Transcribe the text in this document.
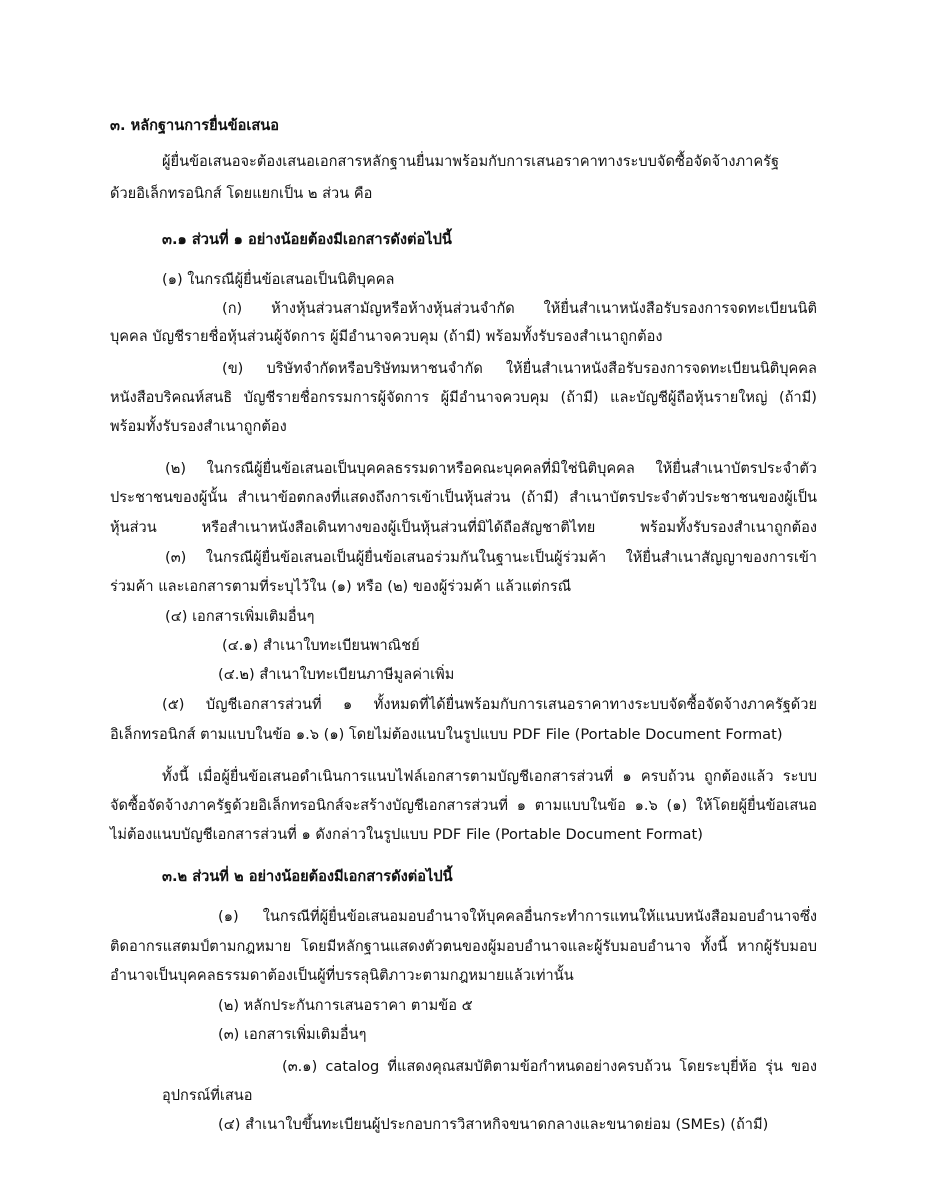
๓. หลักฐานการยื่นข้อเสนอ
ผู้ยื่นข้อเสนอจะต้องเสนอเอกสารหลักฐานยื่นมาพร้อมกับการเสนอราคาทางระบบจัดซื้อจัดจ้างภาครัฐ
ด้วยอิเล็กทรอนิกส์ โดยแยกเป็น ๒ ส่วน คือ
๓.๑ ส่วนที่ ๑ อย่างน้อยต้องมีเอกสารดังต่อไปนี้
(๑) ในกรณีผู้ยื่นข้อเสนอเป็นนิติบุคคล
(ก) ห้างหุ้นส่วนสามัญหรือห้างหุ้นส่วนจำกัด ให้ยื่นสำเนาหนังสือรับรองการจดทะเบียนนิติ
บุคคล บัญชีรายชื่อหุ้นส่วนผู้จัดการ ผู้มีอำนาจควบคุม (ถ้ามี) พร้อมทั้งรับรองสำเนาถูกต้อง
(ข) บริษัทจำกัดหรือบริษัทมหาชนจำกัด ให้ยื่นสำเนาหนังสือรับรองการจดทะเบียนนิติบุคคล
หนังสือบริคณห์สนธิ บัญชีรายชื่อกรรมการผู้จัดการ ผู้มีอำนาจควบคุม (ถ้ามี) และบัญชีผู้ถือหุ้นรายใหญ่ (ถ้ามี)
พร้อมทั้งรับรองสำเนาถูกต้อง
(๒) ในกรณีผู้ยื่นข้อเสนอเป็นบุคคลธรรมดาหรือคณะบุคคลที่มิใช่นิติบุคคล ให้ยื่นสำเนาบัตรประจำตัว
ประชาชนของผู้นั้น สำเนาข้อตกลงที่แสดงถึงการเข้าเป็นหุ้นส่วน (ถ้ามี) สำเนาบัตรประจำตัวประชาชนของผู้เป็น
หุ้นส่วน หรือสำเนาหนังสือเดินทางของผู้เป็นหุ้นส่วนที่มิได้ถือสัญชาติไทย พร้อมทั้งรับรองสำเนาถูกต้อง
(๓) ในกรณีผู้ยื่นข้อเสนอเป็นผู้ยื่นข้อเสนอร่วมกันในฐานะเป็นผู้ร่วมค้า ให้ยื่นสำเนาสัญญาของการเข้า
ร่วมค้า และเอกสารตามที่ระบุไว้ใน (๑) หรือ (๒) ของผู้ร่วมค้า แล้วแต่กรณี
(๔) เอกสารเพิ่มเติมอื่นๆ
(๔.๑) สำเนาใบทะเบียนพาณิชย์
(๔.๒) สำเนาใบทะเบียนภาษีมูลค่าเพิ่ม
(๕) บัญชีเอกสารส่วนที่ ๑ ทั้งหมดที่ได้ยื่นพร้อมกับการเสนอราคาทางระบบจัดซื้อจัดจ้างภาครัฐด้วย
อิเล็กทรอนิกส์ ตามแบบในข้อ ๑.๖ (๑) โดยไม่ต้องแนบในรูปแบบ PDF File (Portable Document Format)
ทั้งนี้ เมื่อผู้ยื่นข้อเสนอดำเนินการแนบไฟล์เอกสารตามบัญชีเอกสารส่วนที่ ๑ ครบถ้วน ถูกต้องแล้ว ระบบ
จัดซื้อจัดจ้างภาครัฐด้วยอิเล็กทรอนิกส์จะสร้างบัญชีเอกสารส่วนที่ ๑ ตามแบบในข้อ ๑.๖ (๑) ให้โดยผู้ยื่นข้อเสนอ
ไม่ต้องแนบบัญชีเอกสารส่วนที่ ๑ ดังกล่าวในรูปแบบ PDF File (Portable Document Format)
๓.๒ ส่วนที่ ๒ อย่างน้อยต้องมีเอกสารดังต่อไปนี้
(๑) ในกรณีที่ผู้ยื่นข้อเสนอมอบอำนาจให้บุคคลอื่นกระทำการแทนให้แนบหนังสือมอบอำนาจซึ่ง
ติดอากรแสตมป์ตามกฎหมาย โดยมีหลักฐานแสดงตัวตนของผู้มอบอำนาจและผู้รับมอบอำนาจ ทั้งนี้ หากผู้รับมอบ
อำนาจเป็นบุคคลธรรมดาต้องเป็นผู้ที่บรรลุนิติภาวะตามกฎหมายแล้วเท่านั้น
(๒) หลักประกันการเสนอราคา ตามข้อ ๕
(๓) เอกสารเพิ่มเติมอื่นๆ
(๓.๑) catalog ที่แสดงคุณสมบัติตามข้อกำหนดอย่างครบถ้วน โดยระบุยี่ห้อ รุ่น ของ
อุปกรณ์ที่เสนอ
(๔) สำเนาใบขึ้นทะเบียนผู้ประกอบการวิสาหกิจขนาดกลางและขนาดย่อม (SMEs) (ถ้ามี)
